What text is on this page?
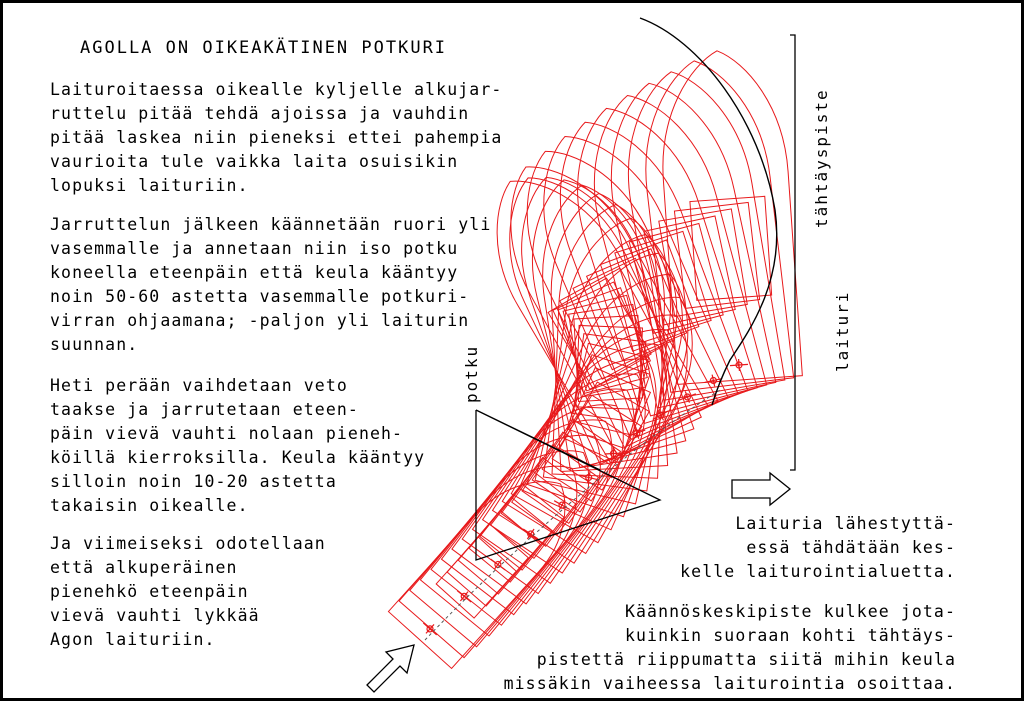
AGOLLA ON OIKEAKÄTINEN POTKURI
Laituroitaessa oikealle kyljelle alkujar-
ruttelu pitää tehdä ajoissa ja vauhdin
pitää laskea niin pieneksi ettei pahempia
vaurioita tule vaikka laita osuisikin
lopuksi laituriin.
Jarruttelun jälkeen käännetään ruori yli
vasemmalle ja annetaan niin iso potku
koneella eteenpäin että keula kääntyy
noin 50-60 astetta vasemmalle potkuri-
virran ohjaamana; -paljon yli laiturin
suunnan.
Heti perään vaihdetaan veto
taakse ja jarrutetaan eteen-
päin vievä vauhti nolaan pieneh-
köillä kierroksilla. Keula kääntyy
silloin noin 10-20 astetta
takaisin oikealle.
Ja viimeiseksi odotellaan
että alkuperäinen
pienehkö eteenpäin
vievä vauhti lykkää
Agon laituriin.
Laituria lähestyttä-
essä tähdätään kes-
kelle laiturointialuetta.
Käännöskeskipiste kulkee jota-
kuinkin suoraan kohti tähtäys-
pistettä riippumatta siitä mihin keula
missäkin vaiheessa laiturointia osoittaa.
tähtäyspiste
laituri
potku
